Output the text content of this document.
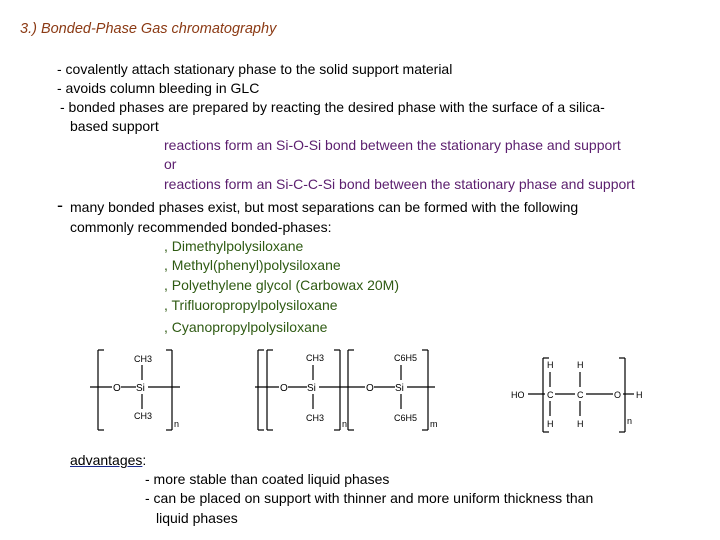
3.) Bonded-Phase Gas chromatography
- covalently attach stationary phase to the solid support material
- avoids column bleeding in GLC
- bonded phases are prepared by reacting the desired phase with the surface of a silica-
based support
reactions form an Si-O-Si bond between the stationary phase and support
or
reactions form an Si-C-C-Si bond between the stationary phase and support
- many bonded phases exist, but most separations can be formed with the following
commonly recommended bonded-phases:
, Dimethylpolysiloxane
, Methyl(phenyl)polysiloxane
, Polyethylene glycol (Carbowax 20M)
, Trifluoropropylpolysiloxane
, Cyanopropylpolysiloxane
O Si
CH3
CH3
n
O Si	O Si
CH3
CH3
C6H5
C6H5
n	m
HO	C	C
H	H
H	H
O H
n
advantages:
- more stable than coated liquid phases
- can be placed on support with thinner and more uniform thickness than
liquid phases
